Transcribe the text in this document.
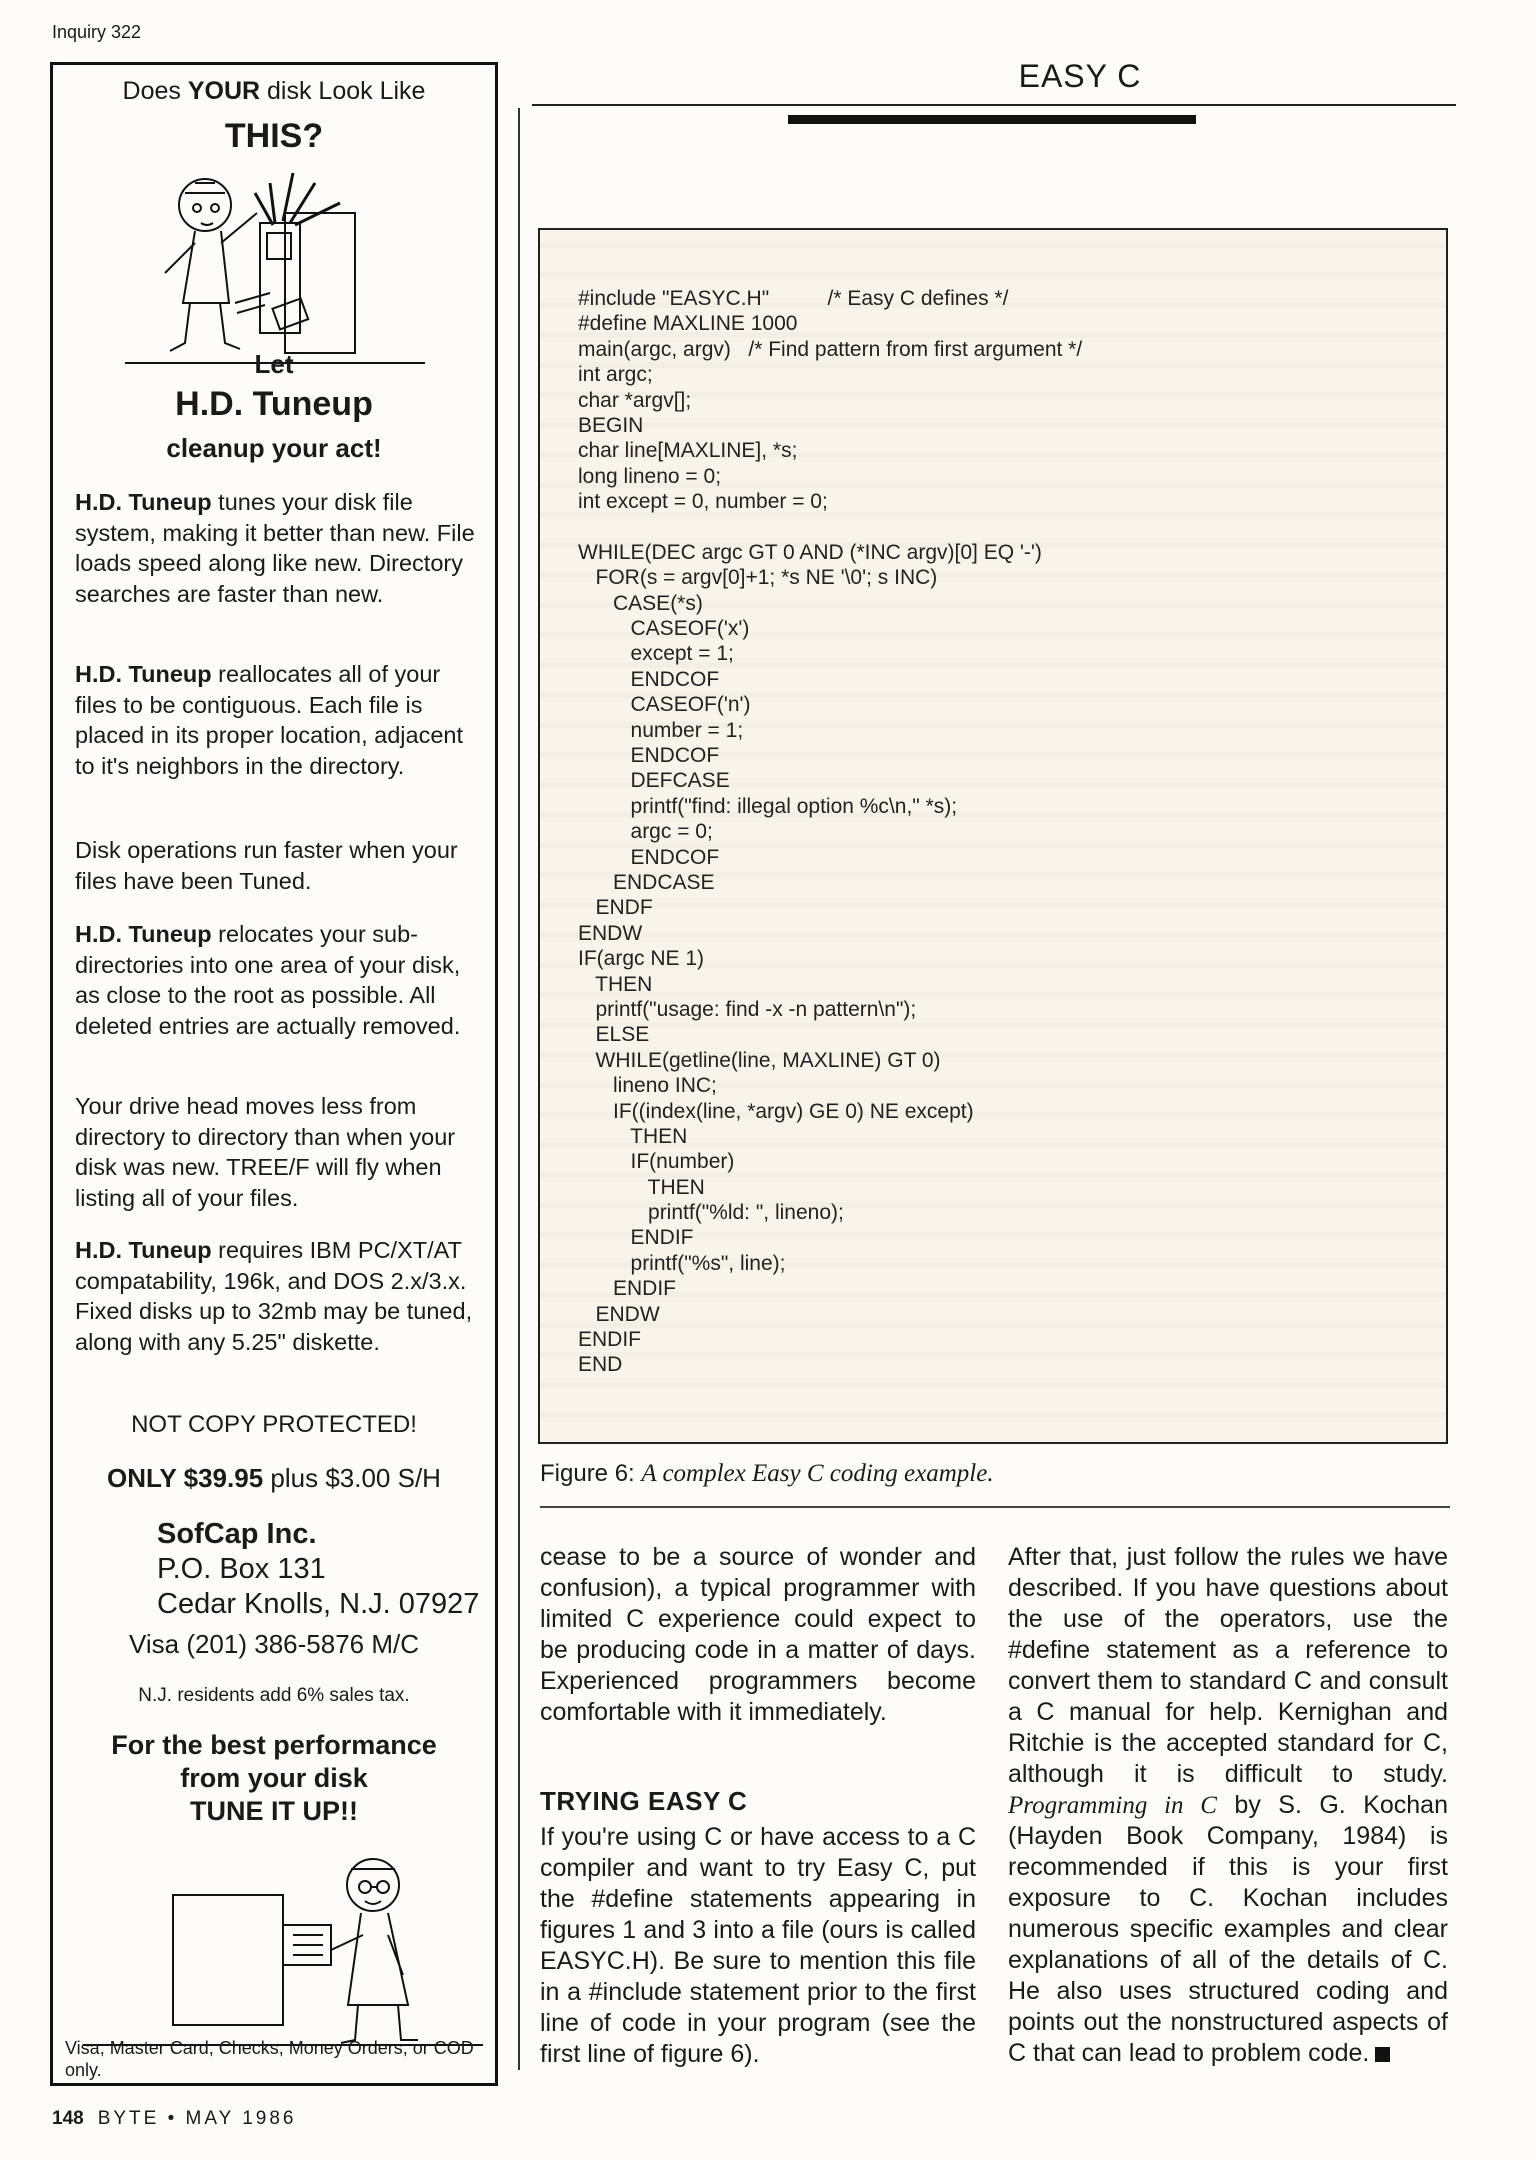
Inquiry 322
EASY C
Does YOUR disk Look Like
THIS?
Let
H.D. Tuneup
cleanup your act!
H.D. Tuneup tunes your disk file system, making it better than new. File loads speed along like new. Directory searches are faster than new.
H.D. Tuneup reallocates all of your files to be contiguous. Each file is placed in its proper location, adjacent to it's neighbors in the directory.
Disk operations run faster when your files have been Tuned.
H.D. Tuneup relocates your sub-directories into one area of your disk, as close to the root as possible. All deleted entries are actually removed.
Your drive head moves less from directory to directory than when your disk was new. TREE/F will fly when listing all of your files.
H.D. Tuneup requires IBM PC/XT/AT compatability, 196k, and DOS 2.x/3.x. Fixed disks up to 32mb may be tuned, along with any 5.25" diskette.
NOT COPY PROTECTED!
ONLY $39.95 plus $3.00 S/H
SofCap Inc.
P.O. Box 131
Cedar Knolls, N.J. 07927
Visa (201) 386-5876 M/C
N.J. residents add 6% sales tax.
For the best performance
from your disk
TUNE IT UP!!
Visa, Master Card, Checks, Money Orders, or COD only.
#include "EASYC.H"          /* Easy C defines */
#define MAXLINE 1000
main(argc, argv)   /* Find pattern from first argument */
int argc;
char *argv[];
BEGIN
char line[MAXLINE], *s;
long lineno = 0;
int except = 0, number = 0;
WHILE(DEC argc GT 0 AND (*INC argv)[0] EQ '-')
FOR(s = argv[0]+1; *s NE '\0'; s INC)
CASE(*s)
CASEOF('x')
except = 1;
ENDCOF
CASEOF('n')
number = 1;
ENDCOF
DEFCASE
printf("find: illegal option %c\n," *s);
argc = 0;
ENDCOF
ENDCASE
ENDF
ENDW
IF(argc NE 1)
THEN
printf("usage: find -x -n pattern\n");
ELSE
WHILE(getline(line, MAXLINE) GT 0)
lineno INC;
IF((index(line, *argv) GE 0) NE except)
THEN
IF(number)
THEN
printf("%ld: ", lineno);
ENDIF
printf("%s", line);
ENDIF
ENDW
ENDIF
END
Figure 6: A complex Easy C coding example.
cease to be a source of wonder and confusion), a typical programmer with limited C experience could expect to be producing code in a matter of days. Experienced programmers become comfortable with it immediately.
TRYING EASY C
If you're using C or have access to a C compiler and want to try Easy C, put the #define statements appearing in figures 1 and 3 into a file (ours is called EASYC.H). Be sure to mention this file in a #include statement prior to the first line of code in your program (see the first line of figure 6).
After that, just follow the rules we have described. If you have questions about the use of the operators, use the #define statement as a reference to convert them to standard C and consult a C manual for help. Kernighan and Ritchie is the accepted standard for C, although it is difficult to study. Programming in C by S. G. Kochan (Hayden Book Company, 1984) is recommended if this is your first exposure to C. Kochan includes numerous specific examples and clear explanations of all of the details of C. He also uses structured coding and points out the nonstructured aspects of C that can lead to problem code.
148 BYTE • MAY 1986
